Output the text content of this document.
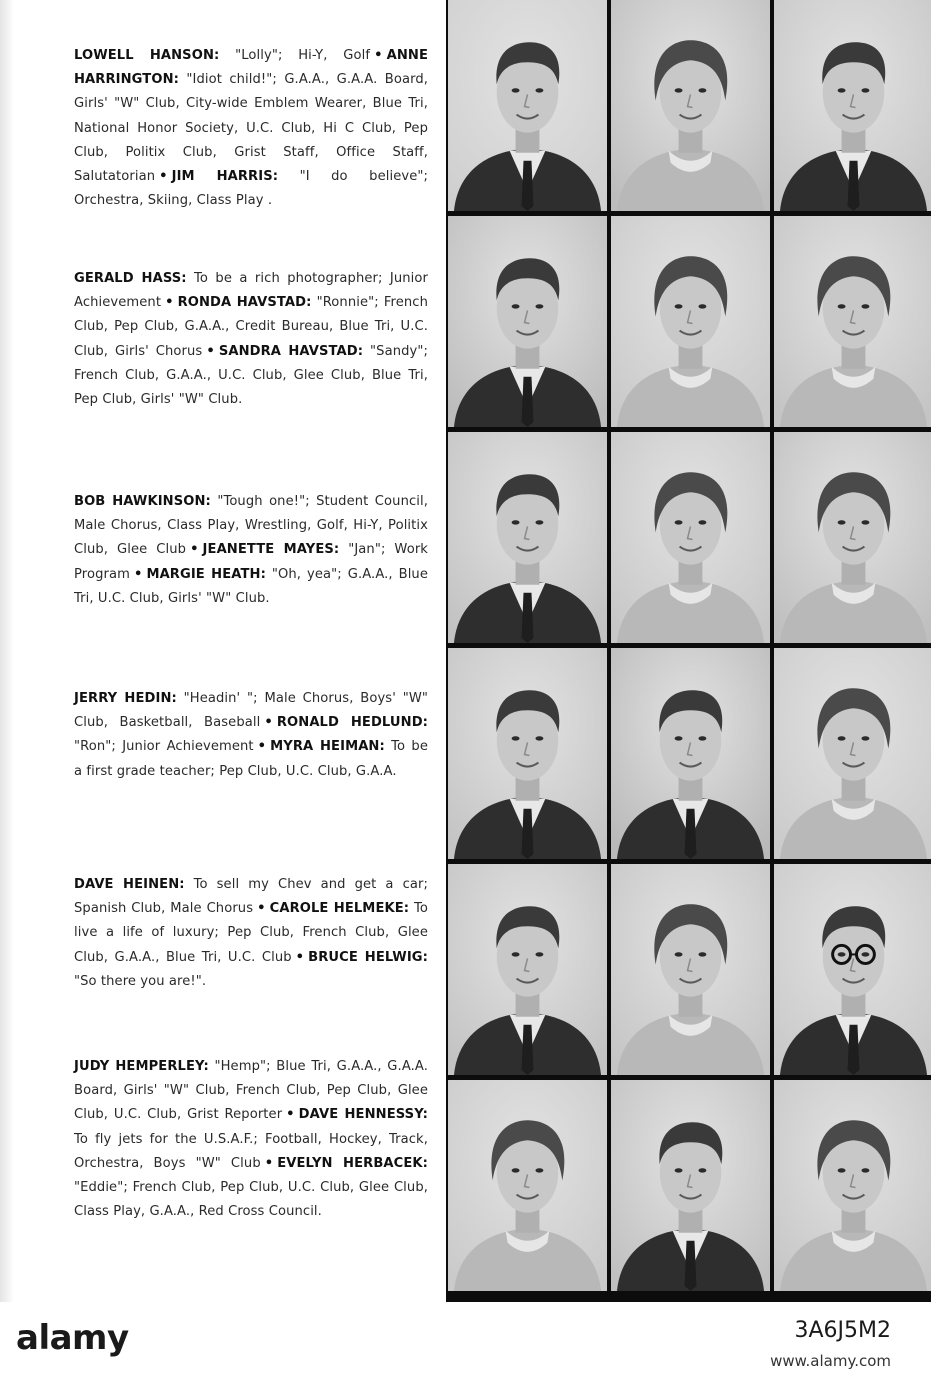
LOWELL HANSON: "Lolly"; Hi-Y, Golf • ANNE HARRINGTON: "Idiot child!"; G.A.A., G.A.A. Board, Girls' "W" Club, City-wide Emblem Wearer, Blue Tri, National Honor Society, U.C. Club, Hi C Club, Pep Club, Politix Club, Grist Staff, Office Staff, Salutatorian • JIM HARRIS: "I do believe"; Orchestra, Skiing, Class Play .
GERALD HASS: To be a rich photographer; Junior Achievement • RONDA HAVSTAD: "Ronnie"; French Club, Pep Club, G.A.A., Credit Bureau, Blue Tri, U.C. Club, Girls' Chorus • SANDRA HAVSTAD: "Sandy"; French Club, G.A.A., U.C. Club, Glee Club, Blue Tri, Pep Club, Girls' "W" Club.
BOB HAWKINSON: "Tough one!"; Student Council, Male Chorus, Class Play, Wrestling, Golf, Hi-Y, Politix Club, Glee Club • JEANETTE MAYES: "Jan"; Work Program • MARGIE HEATH: "Oh, yea"; G.A.A., Blue Tri, U.C. Club, Girls' "W" Club.
JERRY HEDIN: "Headin' "; Male Chorus, Boys' "W" Club, Basketball, Baseball • RONALD HEDLUND: "Ron"; Junior Achievement • MYRA HEIMAN: To be a first grade teacher; Pep Club, U.C. Club, G.A.A.
DAVE HEINEN: To sell my Chev and get a car; Spanish Club, Male Chorus • CAROLE HELMEKE: To live a life of luxury; Pep Club, French Club, Glee Club, G.A.A., Blue Tri, U.C. Club • BRUCE HELWIG: "So there you are!".
JUDY HEMPERLEY: "Hemp"; Blue Tri, G.A.A., G.A.A. Board, Girls' "W" Club, French Club, Pep Club, Glee Club, U.C. Club, Grist Reporter • DAVE HENNESSY: To fly jets for the U.S.A.F.; Football, Hockey, Track, Orchestra, Boys "W" Club • EVELYN HERBACEK: "Eddie"; French Club, Pep Club, U.C. Club, Glee Club, Class Play, G.A.A., Red Cross Council.
alamy	3A6J5M2
www.alamy.com
